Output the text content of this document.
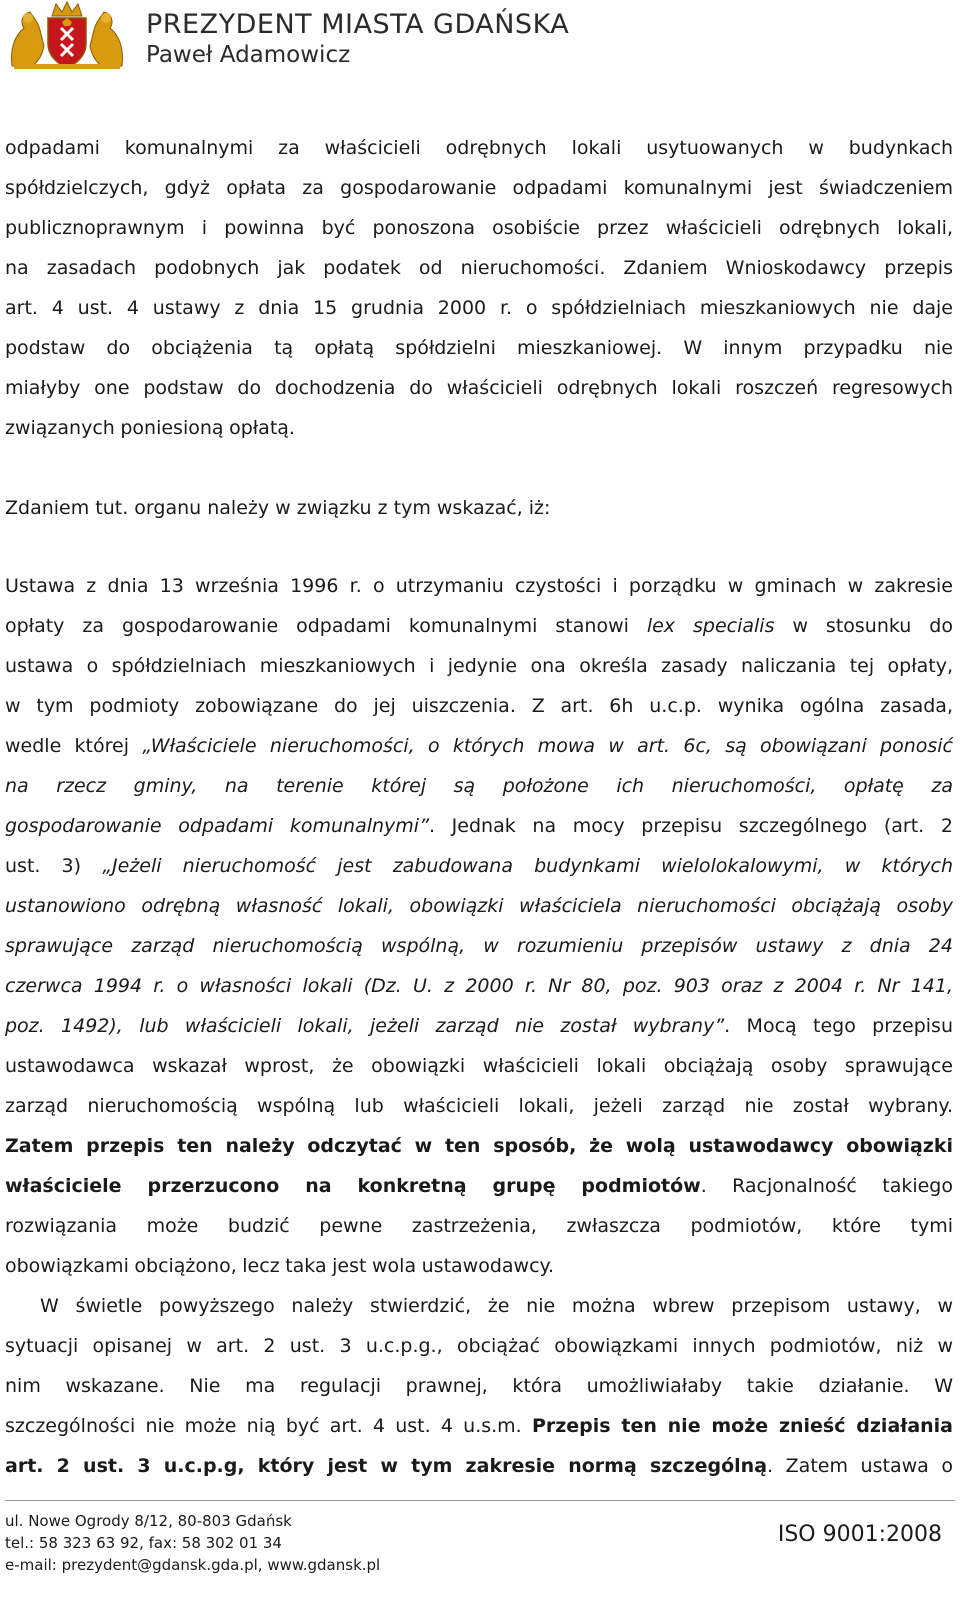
PREZYDENT MIASTA GDAŃSKA
Paweł Adamowicz

odpadami komunalnymi za właścicieli odrębnych lokali usytuowanych w budynkach

spółdzielczych, gdyż opłata za gospodarowanie odpadami komunalnymi jest świadczeniem

publicznoprawnym i powinna być ponoszona osobiście przez właścicieli odrębnych lokali,

na zasadach podobnych jak podatek od nieruchomości. Zdaniem Wnioskodawcy przepis

art. 4 ust. 4 ustawy z dnia 15 grudnia 2000 r. o spółdzielniach mieszkaniowych nie daje

podstaw do obciążenia tą opłatą spółdzielni mieszkaniowej. W innym przypadku nie

miałyby one podstaw do dochodzenia do właścicieli odrębnych lokali roszczeń regresowych

związanych poniesioną opłatą.

Zdaniem tut. organu należy w związku z tym wskazać, iż:

Ustawa z dnia 13 września 1996 r. o utrzymaniu czystości i porządku w gminach w zakresie

opłaty za gospodarowanie odpadami komunalnymi stanowi lex specialis w stosunku do

ustawa o spółdzielniach mieszkaniowych i jedynie ona określa zasady naliczania tej opłaty,

w tym podmioty zobowiązane do jej uiszczenia. Z art. 6h u.c.p. wynika ogólna zasada,

wedle której „Właściciele nieruchomości, o których mowa w art. 6c, są obowiązani ponosić

na rzecz gminy, na terenie której są położone ich nieruchomości, opłatę za

gospodarowanie odpadami komunalnymi”. Jednak na mocy przepisu szczególnego (art. 2

ust. 3) „Jeżeli nieruchomość jest zabudowana budynkami wielolokalowymi, w których

ustanowiono odrębną własność lokali, obowiązki właściciela nieruchomości obciążają osoby

sprawujące zarząd nieruchomością wspólną, w rozumieniu przepisów ustawy z dnia 24

czerwca 1994 r. o własności lokali (Dz. U. z 2000 r. Nr 80, poz. 903 oraz z 2004 r. Nr 141,

poz. 1492), lub właścicieli lokali, jeżeli zarząd nie został wybrany”. Mocą tego przepisu

ustawodawca wskazał wprost, że obowiązki właścicieli lokali obciążają osoby sprawujące

zarząd nieruchomością wspólną lub właścicieli lokali, jeżeli zarząd nie został wybrany.

Zatem przepis ten należy odczytać w ten sposób, że wolą ustawodawcy obowiązki

właściciele przerzucono na konkretną grupę podmiotów. Racjonalność takiego

rozwiązania może budzić pewne zastrzeżenia, zwłaszcza podmiotów, które tymi

obowiązkami obciążono, lecz taka jest wola ustawodawcy.

W świetle powyższego należy stwierdzić, że nie można wbrew przepisom ustawy, w

sytuacji opisanej w art. 2 ust. 3 u.c.p.g., obciążać obowiązkami innych podmiotów, niż w

nim wskazane. Nie ma regulacji prawnej, która umożliwiałaby takie działanie. W

szczególności nie może nią być art. 4 ust. 4 u.s.m. Przepis ten nie może znieść działania

art. 2 ust. 3 u.c.p.g, który jest w tym zakresie normą szczególną. Zatem ustawa o

ul. Nowe Ogrody 8/12, 80-803 Gdańsk
tel.: 58 323 63 92, fax: 58 302 01 34
e-mail: prezydent@gdansk.gda.pl, www.gdansk.pl
ISO 9001:2008
